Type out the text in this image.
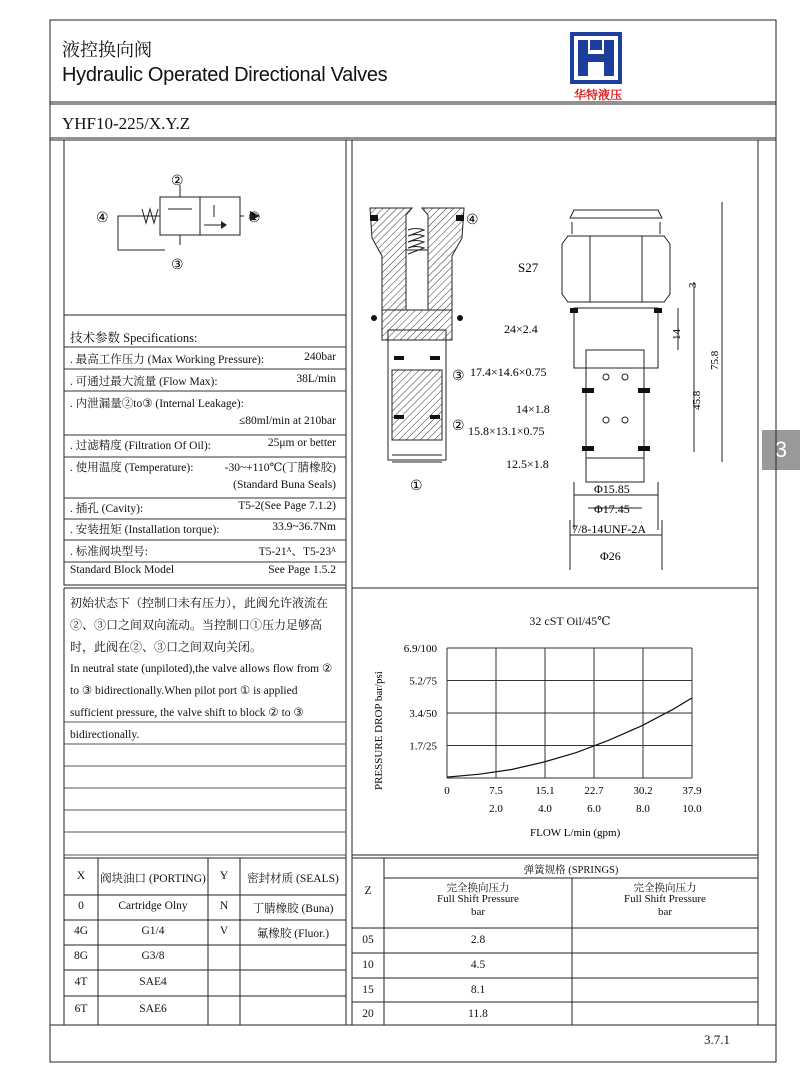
液控换向阀
Hydraulic Operated Directional Valves
YHF10-225/X.Y.Z
华特液压
3
②
③
④	①
技术参数 Specifications:
. 最高工作压力 (Max Working Pressure):	240bar
. 可通过最大流量 (Flow Max):	38L/min
. 内泄漏量②to③ (Internal Leakage):
≤80ml/min at 210bar
. 过滤精度 (Filtration Of Oil):	25μm or better
. 使用温度 (Temperature):	-30~+110℃(丁腈橡胶)
(Standard Buna Seals)
. 插孔 (Cavity):	T5-2(See Page 7.1.2)
. 安装扭矩 (Installation torque):	33.9~36.7Nm
. 标准阀块型号:	T5-21ᴬ、T5-23ᴬ
Standard Block Model	See Page 1.5.2
初始状态下（控制口未有压力），此阀允许液流在②、③口之间双向流动。当控制口①压力足够高时，此阀在②、③口之间双向关闭。
In neutral state (unpiloted),the valve allows flow from ② to ③ bidirectionally.When pilot port ① is applied sufficient pressure, the valve shift to block ② to ③ bidirectionally.
①
②
③
④
S27
24×2.4
17.4×14.6×0.75
14×1.8
15.8×13.1×0.75
12.5×1.8
Φ15.85
Φ17.45
7/8-14UNF-2A
Φ26
3
14
45.8
75.8
32 cST Oil/45℃
0	7.5	15.1	22.7	30.2	37.9
2.0	4.0	6.0	8.0	10.0
1.7/25
3.4/50
5.2/75
6.9/100
PRESSURE DROP bar/psi
FLOW L/min (gpm)
X	阀块油口 (PORTING)	Y	密封材质 (SEALS)
0	Cartridge Olny	N	丁腈橡胶 (Buna)
4G	G1/4	V	氟橡胶 (Fluor.)
8G	G3/8
4T	SAE4
6T	SAE6
弹簧规格 (SPRINGS)
Z	完全换向压力
Full Shift Pressure
bar
完全换向压力
Full Shift Pressure
bar
05	2.8
10	4.5
15	8.1
20	11.8
3.7.1
